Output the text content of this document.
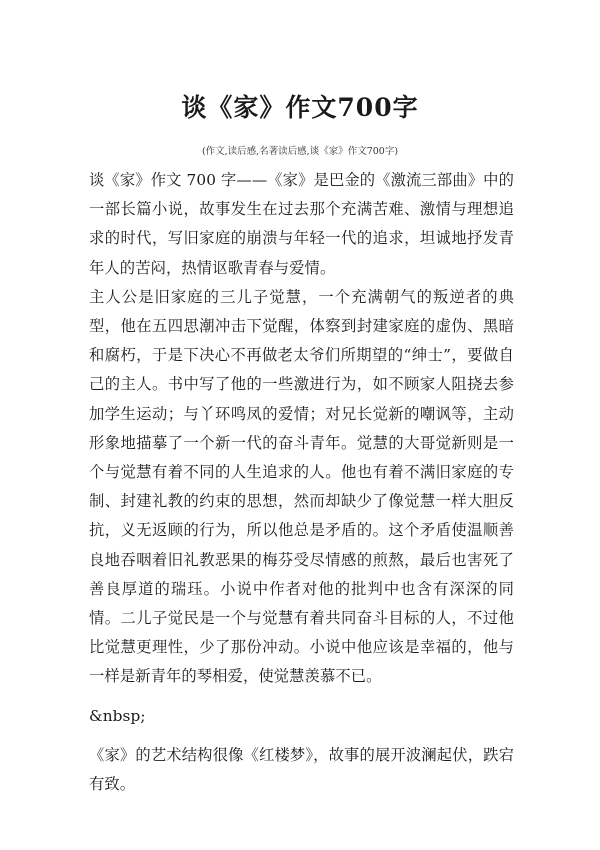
谈《家》作文700字
(作文,读后感,名著读后感,谈《家》作文700字)

谈《家》作文 700 字——《家》是巴金的《激流三部曲》中的一部长篇小说，故事发生在过去那个充满苦难、激情与理想追求的时代，写旧家庭的崩溃与年轻一代的追求，坦诚地抒发青年人的苦闷，热情讴歌青春与爱情。

主人公是旧家庭的三儿子觉慧，一个充满朝气的叛逆者的典型，他在五四思潮冲击下觉醒，体察到封建家庭的虚伪、黑暗和腐朽，于是下决心不再做老太爷们所期望的“绅士”，要做自己的主人。书中写了他的一些激进行为，如不顾家人阻挠去参加学生运动；与丫环鸣凤的爱情；对兄长觉新的嘲讽等，主动形象地描摹了一个新一代的奋斗青年。觉慧的大哥觉新则是一个与觉慧有着不同的人生追求的人。他也有着不满旧家庭的专制、封建礼教的约束的思想，然而却缺少了像觉慧一样大胆反抗，义无返顾的行为，所以他总是矛盾的。这个矛盾使温顺善良地吞咽着旧礼教恶果的梅芬受尽情感的煎熬，最后也害死了善良厚道的瑞珏。小说中作者对他的批判中也含有深深的同情。二儿子觉民是一个与觉慧有着共同奋斗目标的人，不过他比觉慧更理性，少了那份冲动。小说中他应该是幸福的，他与一样是新青年的琴相爱，使觉慧羡慕不已。

&nbsp;

《家》的艺术结构很像《红楼梦》，故事的展开波澜起伏，跌宕有致。
